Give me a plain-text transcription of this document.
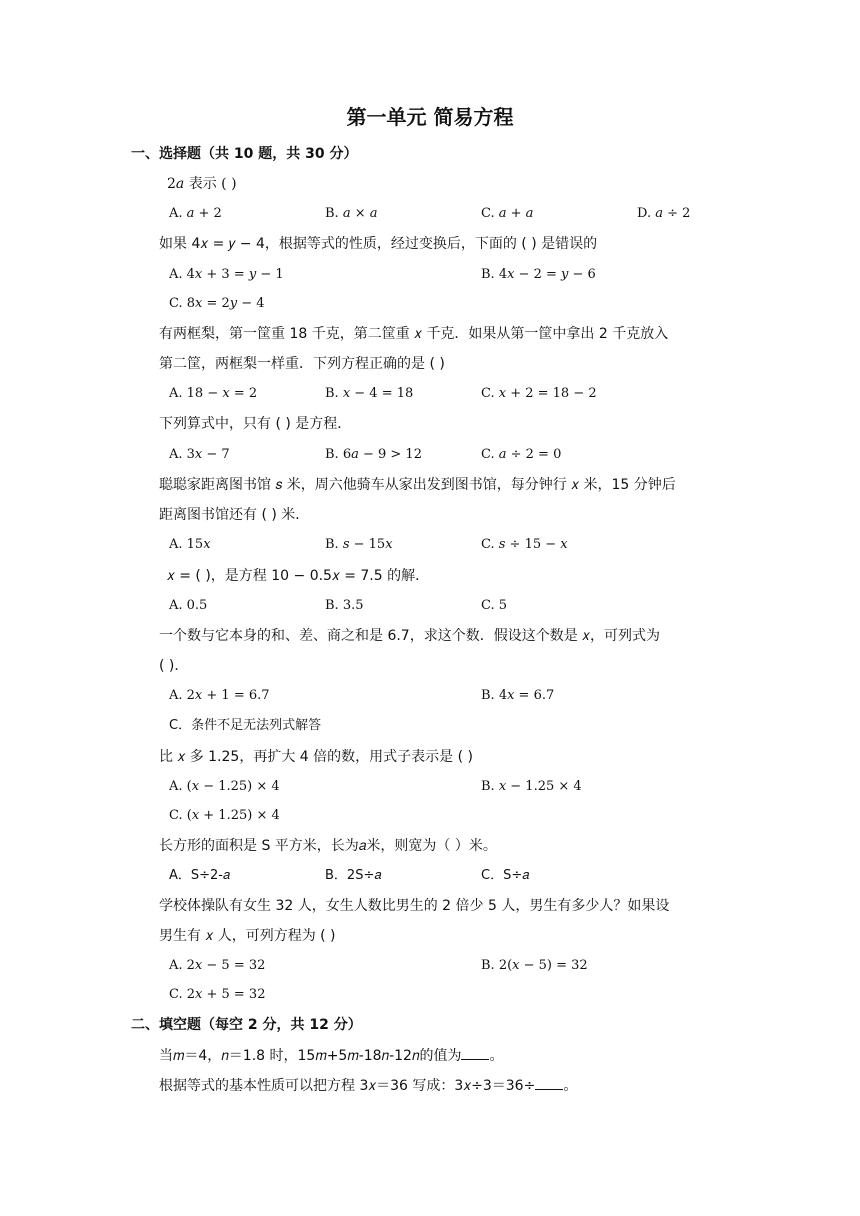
第一单元 简易方程
一、选择题（共 10 题，共 30 分）
2𝑎 表示 ( )
A. 𝑎 + 2	B. 𝑎 × 𝑎	C. 𝑎 + 𝑎	D. 𝑎 ÷ 2
如果 4𝑥 = 𝑦 − 4，根据等式的性质，经过变换后，下面的 ( ) 是错误的
A. 4𝑥 + 3 = 𝑦 − 1	B. 4𝑥 − 2 = 𝑦 − 6
C. 8𝑥 = 2𝑦 − 4
有两框梨，第一筐重 18 千克，第二筐重 𝑥 千克．如果从第一筐中拿出 2 千克放入
第二筐，两框梨一样重．下列方程正确的是 ( )
A. 18 − 𝑥 = 2	B. 𝑥 − 4 = 18	C. 𝑥 + 2 = 18 − 2
下列算式中，只有 ( ) 是方程．
A. 3𝑥 − 7	B. 6𝑎 − 9 > 12	C. 𝑎 ÷ 2 = 0
聪聪家距离图书馆 𝑠 米，周六他骑车从家出发到图书馆，每分钟行 𝑥 米，15 分钟后
距离图书馆还有 ( ) 米．
A. 15𝑥	B. 𝑠 − 15𝑥	C. 𝑠 ÷ 15 − 𝑥
𝑥 = ( )，是方程 10 − 0.5𝑥 = 7.5 的解．
A. 0.5	B. 3.5	C. 5
一个数与它本身的和、差、商之和是 6.7，求这个数．假设这个数是 𝑥，可列式为
( )．
A. 2𝑥 + 1 = 6.7	B. 4𝑥 = 6.7
C．条件不足无法列式解答
比 𝑥 多 1.25，再扩大 4 倍的数，用式子表示是 ( )
A. (𝑥 − 1.25) × 4	B. 𝑥 − 1.25 × 4
C. (𝑥 + 1.25) × 4
长方形的面积是 S 平方米，长为𝑎米，则宽为（ ）米。
A．S÷2-𝑎	B．2S÷𝑎	C．S÷𝑎
学校体操队有女生 32 人，女生人数比男生的 2 倍少 5 人，男生有多少人？如果设
男生有 𝑥 人，可列方程为 ( )
A. 2𝑥 − 5 = 32	B. 2(𝑥 − 5) = 32
C. 2𝑥 + 5 = 32
二、填空题（每空 2 分，共 12 分）
当𝑚＝4，𝑛＝1.8 时，15𝑚+5𝑚-18𝑛-12𝑛的值为 。
根据等式的基本性质可以把方程 3𝑥＝36 写成：3𝑥÷3＝36÷ 。
